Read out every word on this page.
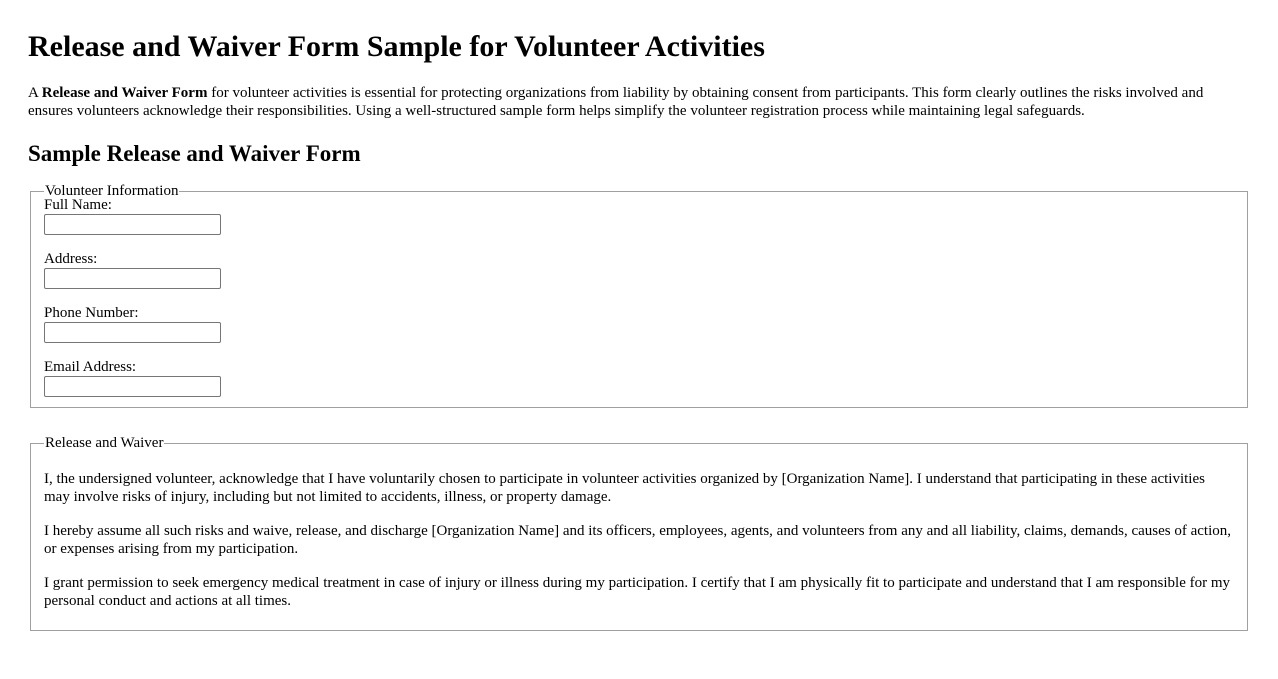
Release and Waiver Form Sample for Volunteer Activities

A Release and Waiver Form for volunteer activities is essential for protecting organizations from liability by obtaining consent from participants. This form clearly outlines the risks involved and ensures volunteers acknowledge their responsibilities. Using a well-structured sample form helps simplify the volunteer registration process while maintaining legal safeguards.

Sample Release and Waiver Form
Volunteer Information
Full Name:
Address:
Phone Number:
Email Address:
Release and Waiver

I, the undersigned volunteer, acknowledge that I have voluntarily chosen to participate in volunteer activities organized by [Organization Name]. I understand that participating in these activities may involve risks of injury, including but not limited to accidents, illness, or property damage.

I hereby assume all such risks and waive, release, and discharge [Organization Name] and its officers, employees, agents, and volunteers from any and all liability, claims, demands, causes of action, or expenses arising from my participation.

I grant permission to seek emergency medical treatment in case of injury or illness during my participation. I certify that I am physically fit to participate and understand that I am responsible for my personal conduct and actions at all times.
